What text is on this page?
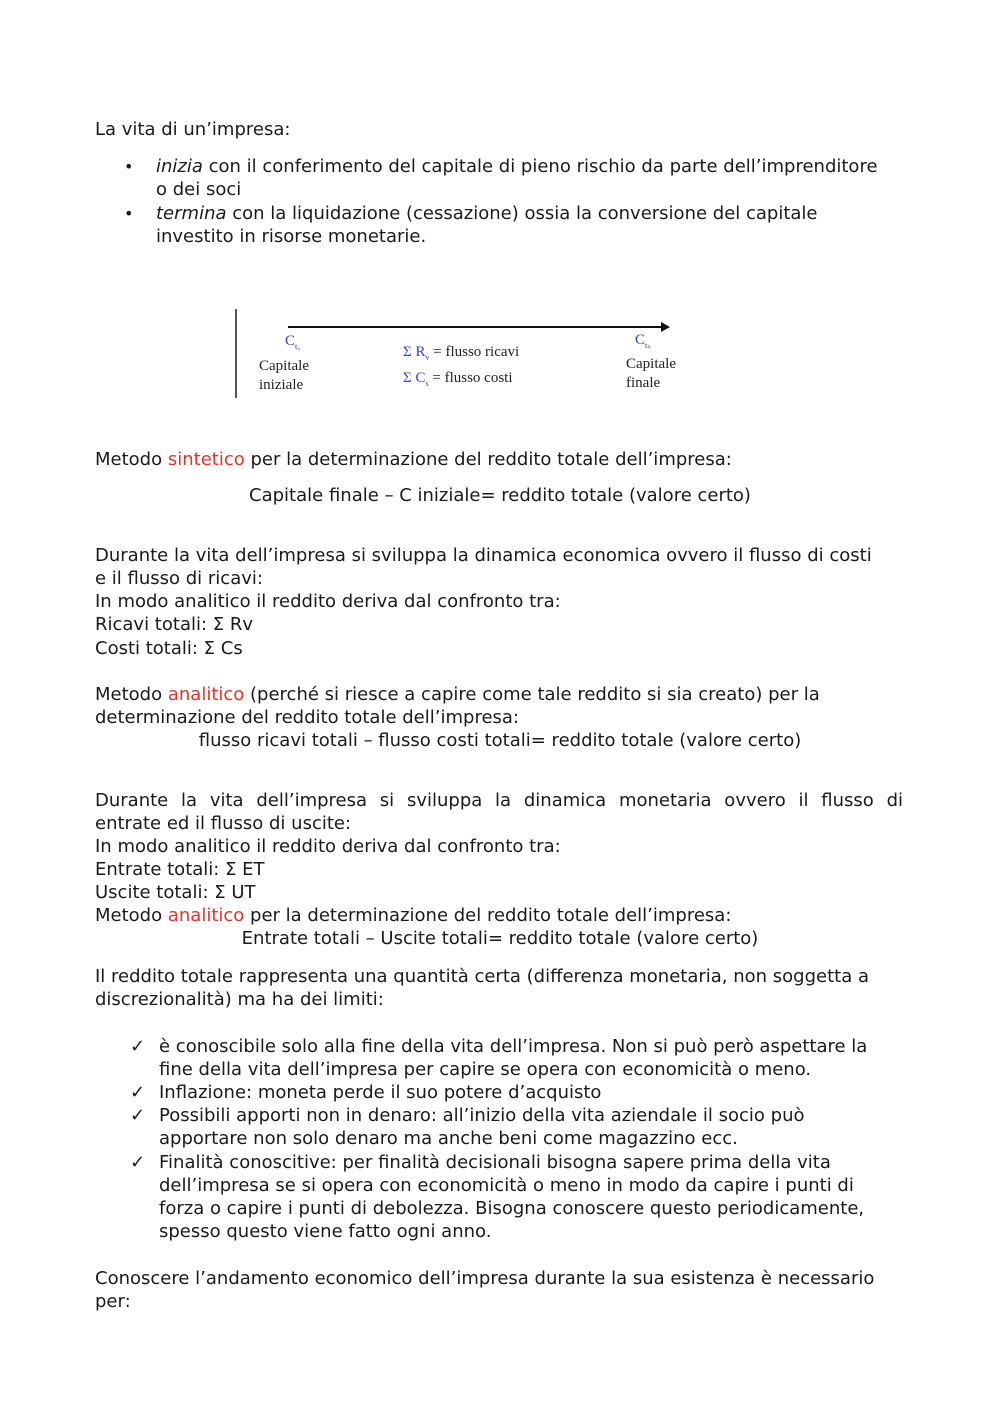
La vita di un’impresa:
• inizia con il conferimento del capitale di pieno rischio da parte dell’imprenditore
o dei soci
• termina con la liquidazione (cessazione) ossia la conversione del capitale
investito in risorse monetarie.
$C_{t_0}$
Capitale
iniziale
Σ $R_v$ = flusso ricavi
Σ $C_s$ = flusso costi
$C_{t_n}$
Capitale
finale
Metodo sintetico per la determinazione del reddito totale dell’impresa:
Capitale finale – C iniziale= reddito totale (valore certo)
Durante la vita dell’impresa si sviluppa la dinamica economica ovvero il flusso di costi
e il flusso di ricavi:
In modo analitico il reddito deriva dal confronto tra:
Ricavi totali: Σ Rv
Costi totali: Σ Cs
Metodo analitico (perché si riesce a capire come tale reddito si sia creato) per la
determinazione del reddito totale dell’impresa:
flusso ricavi totali – flusso costi totali= reddito totale (valore certo)
Durante la vita dell’impresa si sviluppa la dinamica monetaria ovvero il flusso di
entrate ed il flusso di uscite:
In modo analitico il reddito deriva dal confronto tra:
Entrate totali: Σ ET
Uscite totali: Σ UT
Metodo analitico per la determinazione del reddito totale dell’impresa:
Entrate totali – Uscite totali= reddito totale (valore certo)
Il reddito totale rappresenta una quantità certa (differenza monetaria, non soggetta a
discrezionalità) ma ha dei limiti:
✓ è conoscibile solo alla fine della vita dell’impresa. Non si può però aspettare la
fine della vita dell’impresa per capire se opera con economicità o meno.
✓ Inflazione: moneta perde il suo potere d’acquisto
✓ Possibili apporti non in denaro: all’inizio della vita aziendale il socio può
apportare non solo denaro ma anche beni come magazzino ecc.
✓ Finalità conoscitive: per finalità decisionali bisogna sapere prima della vita
dell’impresa se si opera con economicità o meno in modo da capire i punti di
forza o capire i punti di debolezza. Bisogna conoscere questo periodicamente,
spesso questo viene fatto ogni anno.
Conoscere l’andamento economico dell’impresa durante la sua esistenza è necessario
per:
